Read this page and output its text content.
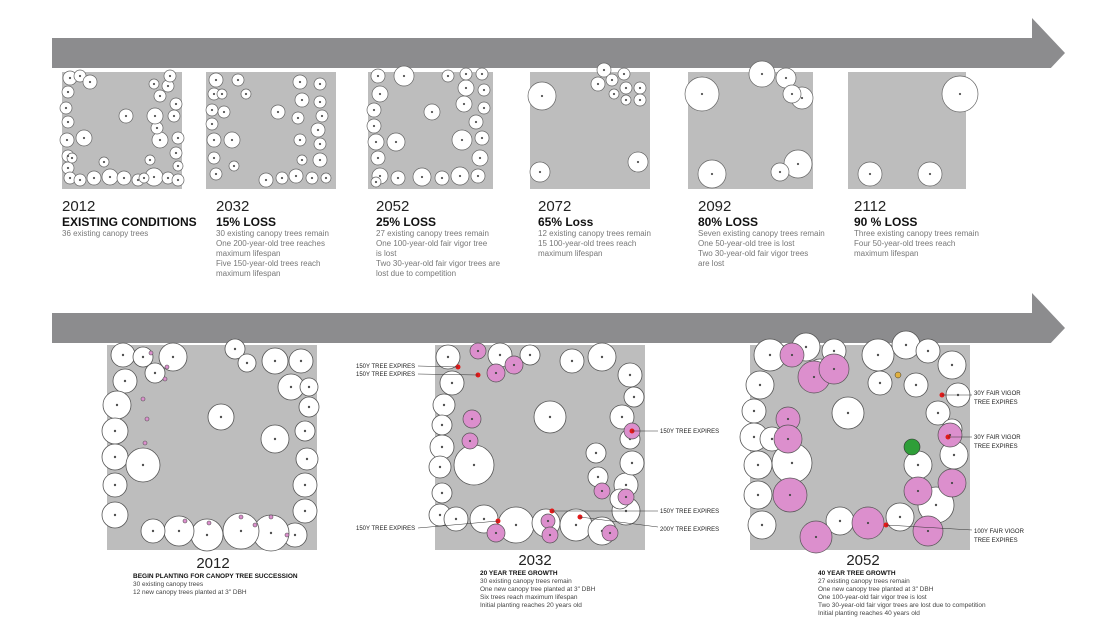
100 YEAR PROJECTION WITHOUT NEW CANOPY TREE PLANTING
100 YEAR PROJECTION WITH NEW CANOPY TREE PLANTING STRATEGY
2012
EXISTING CONDITIONS
36 existing canopy trees
2032
15% LOSS
30 existing canopy trees remain
One 200-year-old tree reaches
maximum lifespan
Five 150-year-old trees reach
maximum lifespan
2052
25% LOSS
27 existing canopy trees remain
One 100-year-old fair vigor tree
is lost
Two 30-year-old fair vigor trees are
lost due to competition
2072
65% Loss
12 existing canopy trees remain
15 100-year-old trees reach
maximum lifespan
2092
80% LOSS
Seven existing canopy trees remain
One 50-year-old tree is lost
Two 30-year-old fair vigor trees
are lost
2112
90 % LOSS
Three existing canopy trees remain
Four 50-year-old trees reach
maximum lifespan
2012
BEGIN PLANTING FOR CANOPY TREE SUCCESSION
30 existing canopy trees
12 new canopy trees planted at 3" DBH
150Y TREE EXPIRES
150Y TREE EXPIRES
150Y TREE EXPIRES
150Y TREE EXPIRES
150Y TREE EXPIRES	200Y TREE EXPIRES
2032
20 YEAR TREE GROWTH
30 existing canopy trees remain
One new canopy tree planted at 3" DBH
Six trees reach maximum lifespan
Initial planting reaches 20 years old
30Y FAIR VIGOR
TREE EXPIRES
30Y FAIR VIGOR
TREE EXPIRES
100Y FAIR VIGOR
TREE EXPIRES
2052
40 YEAR TREE GROWTH
27 existing canopy trees remain
One new canopy tree planted at 3" DBH
One 100-year-old fair vigor tree is lost
Two 30-year-old fair vigor trees are lost due to competition
Initial planting reaches 40 years old
